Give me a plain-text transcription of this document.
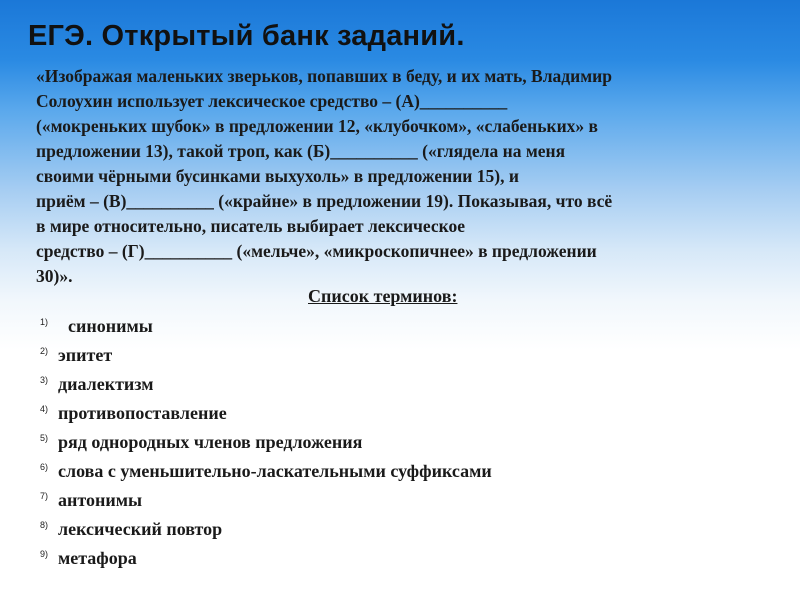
ЕГЭ. Открытый банк заданий.

«Изображая маленьких зверьков, попавших в беду, и их мать, Владимир
Солоухин использует лексическое средство – (А)__________
(«мокреньких шубок» в предложении 12, «клубочком», «слабеньких» в
предложении 13), такой троп, как (Б)__________ («глядела на меня
своими чёрными бусинками выхухоль» в предложении 15), и
приём – (В)__________ («крайне» в предложении 19). Показывая, что всё
в мире относительно, писатель выбирает лексическое
средство – (Г)__________ («мельче», «микроскопичнее» в предложении
30)».

Список терминов:
1)	синонимы
2) эпитет
3) диалектизм
4) противопоставление
5) ряд однородных членов предложения
6) слова с уменьшительно-ласкательными суффиксами
7) антонимы
8) лексический повтор
9) метафора
